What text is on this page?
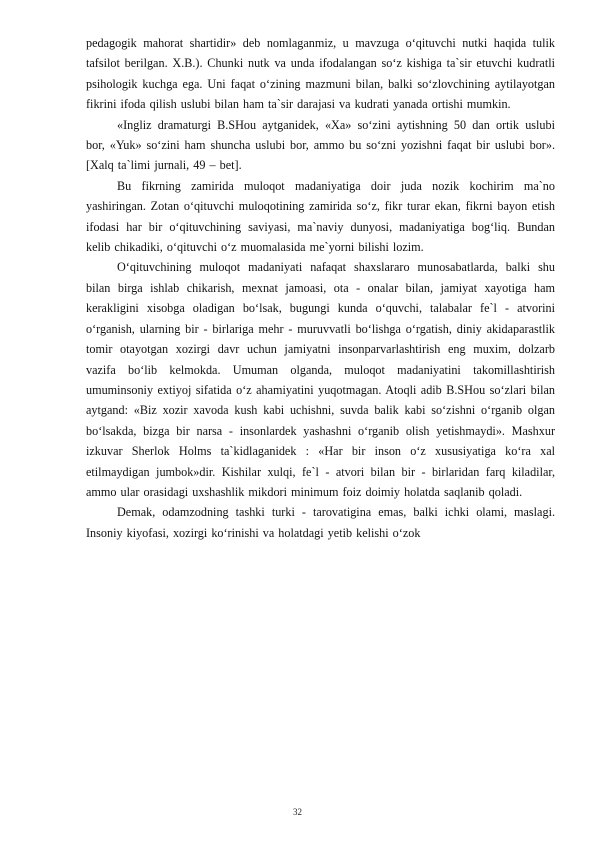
pedagogik mahorat shartidir» deb nomlaganmiz, u mavzuga o‘qituvchi nutki haqida tulik tafsilot berilgan. X.B.). Chunki nutk va unda ifodalangan so‘z kishiga ta`sir etuvchi kudratli psihologik kuchga ega. Uni faqat o‘zining mazmuni bilan, balki so‘zlovchining aytilayotgan fikrini ifoda qilish uslubi bilan ham ta`sir darajasi va kudrati yanada ortishi mumkin.

«Ingliz dramaturgi B.SHou aytganidek, «Xa» so‘zini aytishning 50 dan ortik uslubi bor, «Yuk» so‘zini ham shuncha uslubi bor, ammo bu so‘zni yozishni faqat bir uslubi bor».[Xalq ta`limi jurnali, 49 – bet].

Bu fikrning zamirida muloqot madaniyatiga doir juda nozik kochirim ma`no yashiringan. Zotan o‘qituvchi muloqotining zamirida so‘z, fikr turar ekan, fikrni bayon etish ifodasi har bir o‘qituvchining saviyasi, ma`naviy dunyosi, madaniyatiga bog‘liq. Bundan kelib chikadiki, o‘qituvchi o‘z muomalasida me`yorni bilishi lozim.

O‘qituvchining muloqot madaniyati nafaqat shaxslararo munosabatlarda, balki shu bilan birga ishlab chikarish, mexnat jamoasi, ota - onalar bilan, jamiyat xayotiga ham kerakligini xisobga oladigan bo‘lsak, bugungi kunda o‘quvchi, talabalar fe`l - atvorini o‘rganish, ularning bir - birlariga mehr - muruvvatli bo‘lishga o‘rgatish, diniy akidaparastlik tomir otayotgan xozirgi davr uchun jamiyatni insonparvarlashtirish eng muxim, dolzarb vazifa bo‘lib kelmokda. Umuman olganda, muloqot madaniyatini takomillashtirish umuminsoniy extiyoj sifatida o‘z ahamiyatini yuqotmagan. Atoqli adib B.SHou so‘zlari bilan aytgand: «Biz xozir xavoda kush kabi uchishni, suvda balik kabi so‘zishni o‘rganib olgan bo‘lsakda, bizga bir narsa - insonlardek yashashni o‘rganib olish yetishmaydi». Mashxur izkuvar Sherlok Holms ta`kidlaganidek : «Har bir inson o‘z xususiyatiga ko‘ra xal etilmaydigan jumbok»dir. Kishilar xulqi, fe`l - atvori bilan bir - birlaridan farq kiladilar, ammo ular orasidagi uxshashlik mikdori minimum foiz doimiy holatda saqlanib qoladi.

Demak, odamzodning tashki turki - tarovatigina emas, balki ichki olami, maslagi. Insoniy kiyofasi, xozirgi ko‘rinishi va holatdagi yetib kelishi o‘zok

32
